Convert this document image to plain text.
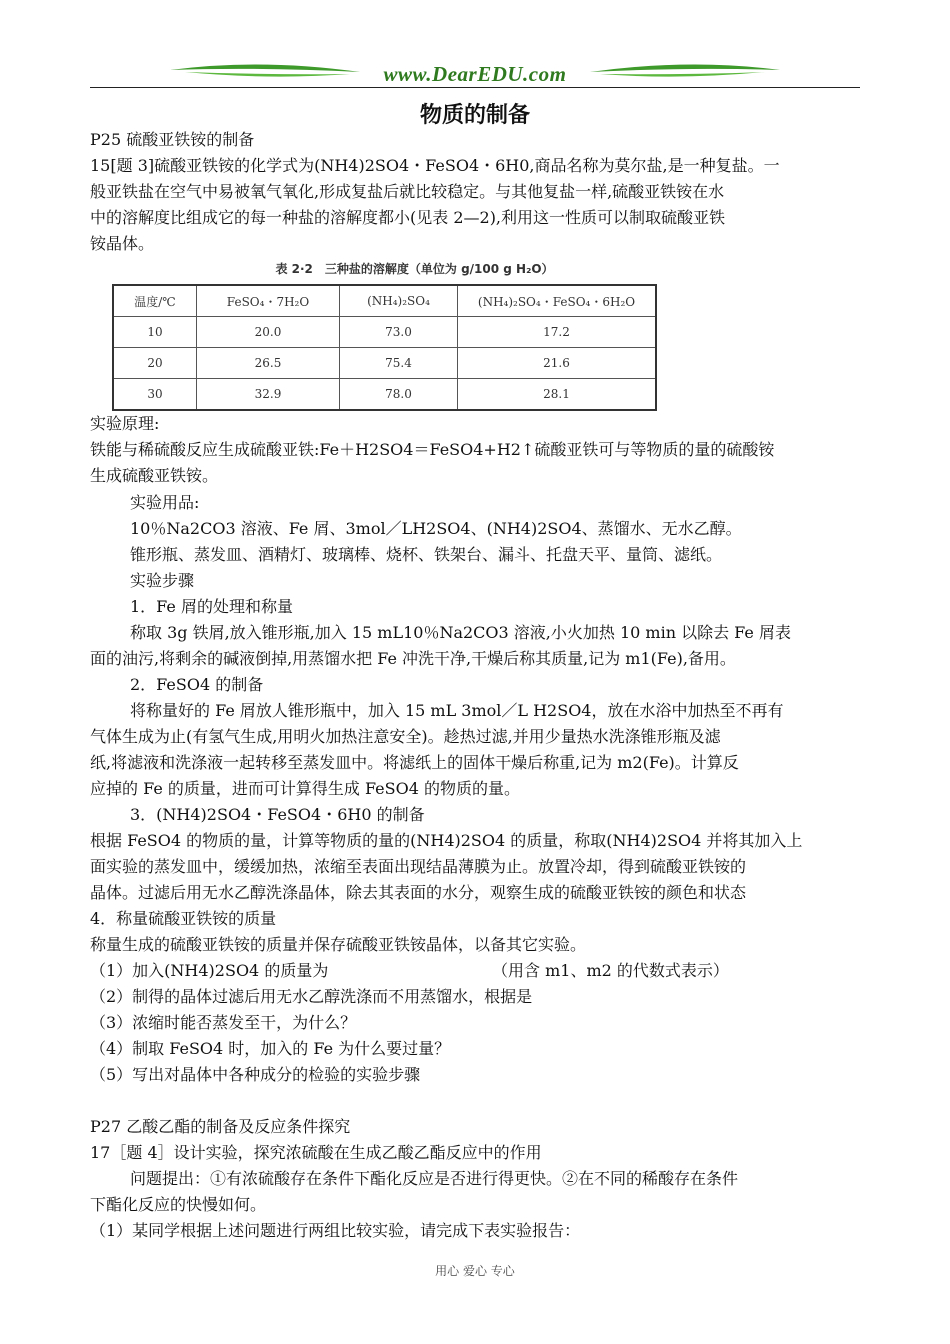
www.DearEDU.com
物质的制备
P25 硫酸亚铁铵的制备
15[题 3]硫酸亚铁铵的化学式为(NH4)2SO4・FeSO4・6H0,商品名称为莫尔盐,是一种复盐。一
般亚铁盐在空气中易被氧气氧化,形成复盐后就比较稳定。与其他复盐一样,硫酸亚铁铵在水
中的溶解度比组成它的每一种盐的溶解度都小(见表 2—2),利用这一性质可以制取硫酸亚铁
铵晶体。
表 2·2　三种盐的溶解度（单位为 g/100 g H₂O）
温度/℃	FeSO₄・7H₂O	(NH₄)₂SO₄	(NH₄)₂SO₄・FeSO₄・6H₂O
10	20.0	73.0	17.2
20	26.5	75.4	21.6
30	32.9	78.0	28.1
实验原理:
铁能与稀硫酸反应生成硫酸亚铁:Fe＋H2SO4＝FeSO4+H2↑硫酸亚铁可与等物质的量的硫酸铵
生成硫酸亚铁铵。
实验用品:
10％Na2CO3 溶液、Fe 屑、3mol／LH2SO4、(NH4)2SO4、蒸馏水、无水乙醇。
锥形瓶、蒸发皿、酒精灯、玻璃棒、烧杯、铁架台、漏斗、托盘天平、量筒、滤纸。
实验步骤
1．Fe 屑的处理和称量
称取 3g 铁屑,放入锥形瓶,加入 15 mL10％Na2CO3 溶液,小火加热 10 min 以除去 Fe 屑表
面的油污,将剩余的碱液倒掉,用蒸馏水把 Fe 冲洗干净,干燥后称其质量,记为 m1(Fe),备用。
2．FeSO4 的制备
将称量好的 Fe 屑放人锥形瓶中，加入 15 mL 3mol／L H2SO4，放在水浴中加热至不再有
气体生成为止(有氢气生成,用明火加热注意安全)。趁热过滤,并用少量热水洗涤锥形瓶及滤
纸,将滤液和洗涤液一起转移至蒸发皿中。将滤纸上的固体干燥后称重,记为 m2(Fe)。计算反
应掉的 Fe 的质量，进而可计算得生成 FeSO4 的物质的量。
3．(NH4)2SO4・FeSO4・6H0 的制备
根据 FeSO4 的物质的量，计算等物质的量的(NH4)2SO4 的质量，称取(NH4)2SO4 并将其加入上
面实验的蒸发皿中，缓缓加热，浓缩至表面出现结晶薄膜为止。放置冷却，得到硫酸亚铁铵的
晶体。过滤后用无水乙醇洗涤晶体，除去其表面的水分，观察生成的硫酸亚铁铵的颜色和状态
4．称量硫酸亚铁铵的质量
称量生成的硫酸亚铁铵的质量并保存硫酸亚铁铵晶体，以备其它实验。
（1）加入(NH4)2SO4 的质量为	（用含 m1、m2 的代数式表示）
（2）制得的晶体过滤后用无水乙醇洗涤而不用蒸馏水，根据是
（3）浓缩时能否蒸发至干，为什么？
（4）制取 FeSO4 时，加入的 Fe 为什么要过量？
（5）写出对晶体中各种成分的检验的实验步骤
P27 乙酸乙酯的制备及反应条件探究
17［题 4］设计实验，探究浓硫酸在生成乙酸乙酯反应中的作用
问题提出：①有浓硫酸存在条件下酯化反应是否进行得更快。②在不同的稀酸存在条件
下酯化反应的快慢如何。
（1）某同学根据上述问题进行两组比较实验，请完成下表实验报告：
用心 爱心 专心
